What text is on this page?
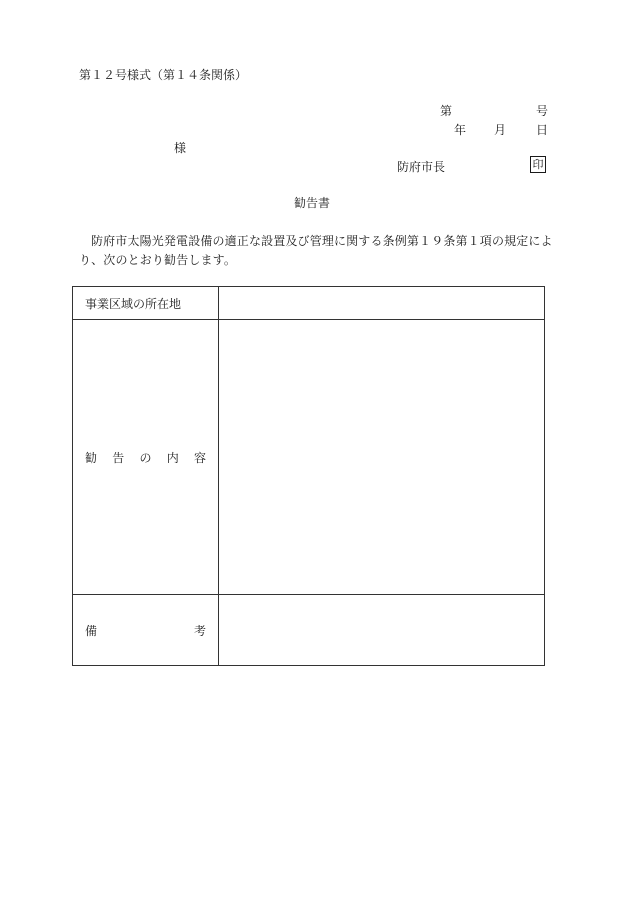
第１２号様式（第１４条関係）
第	号
年 月 日
様
防府市長	印
勧告書
防府市太陽光発電設備の適正な設置及び管理に関する条例第１９条第１項の規定により、次のとおり勧告します。
事業区域の所在地	

勧 告 の 内 容	

備 考	
